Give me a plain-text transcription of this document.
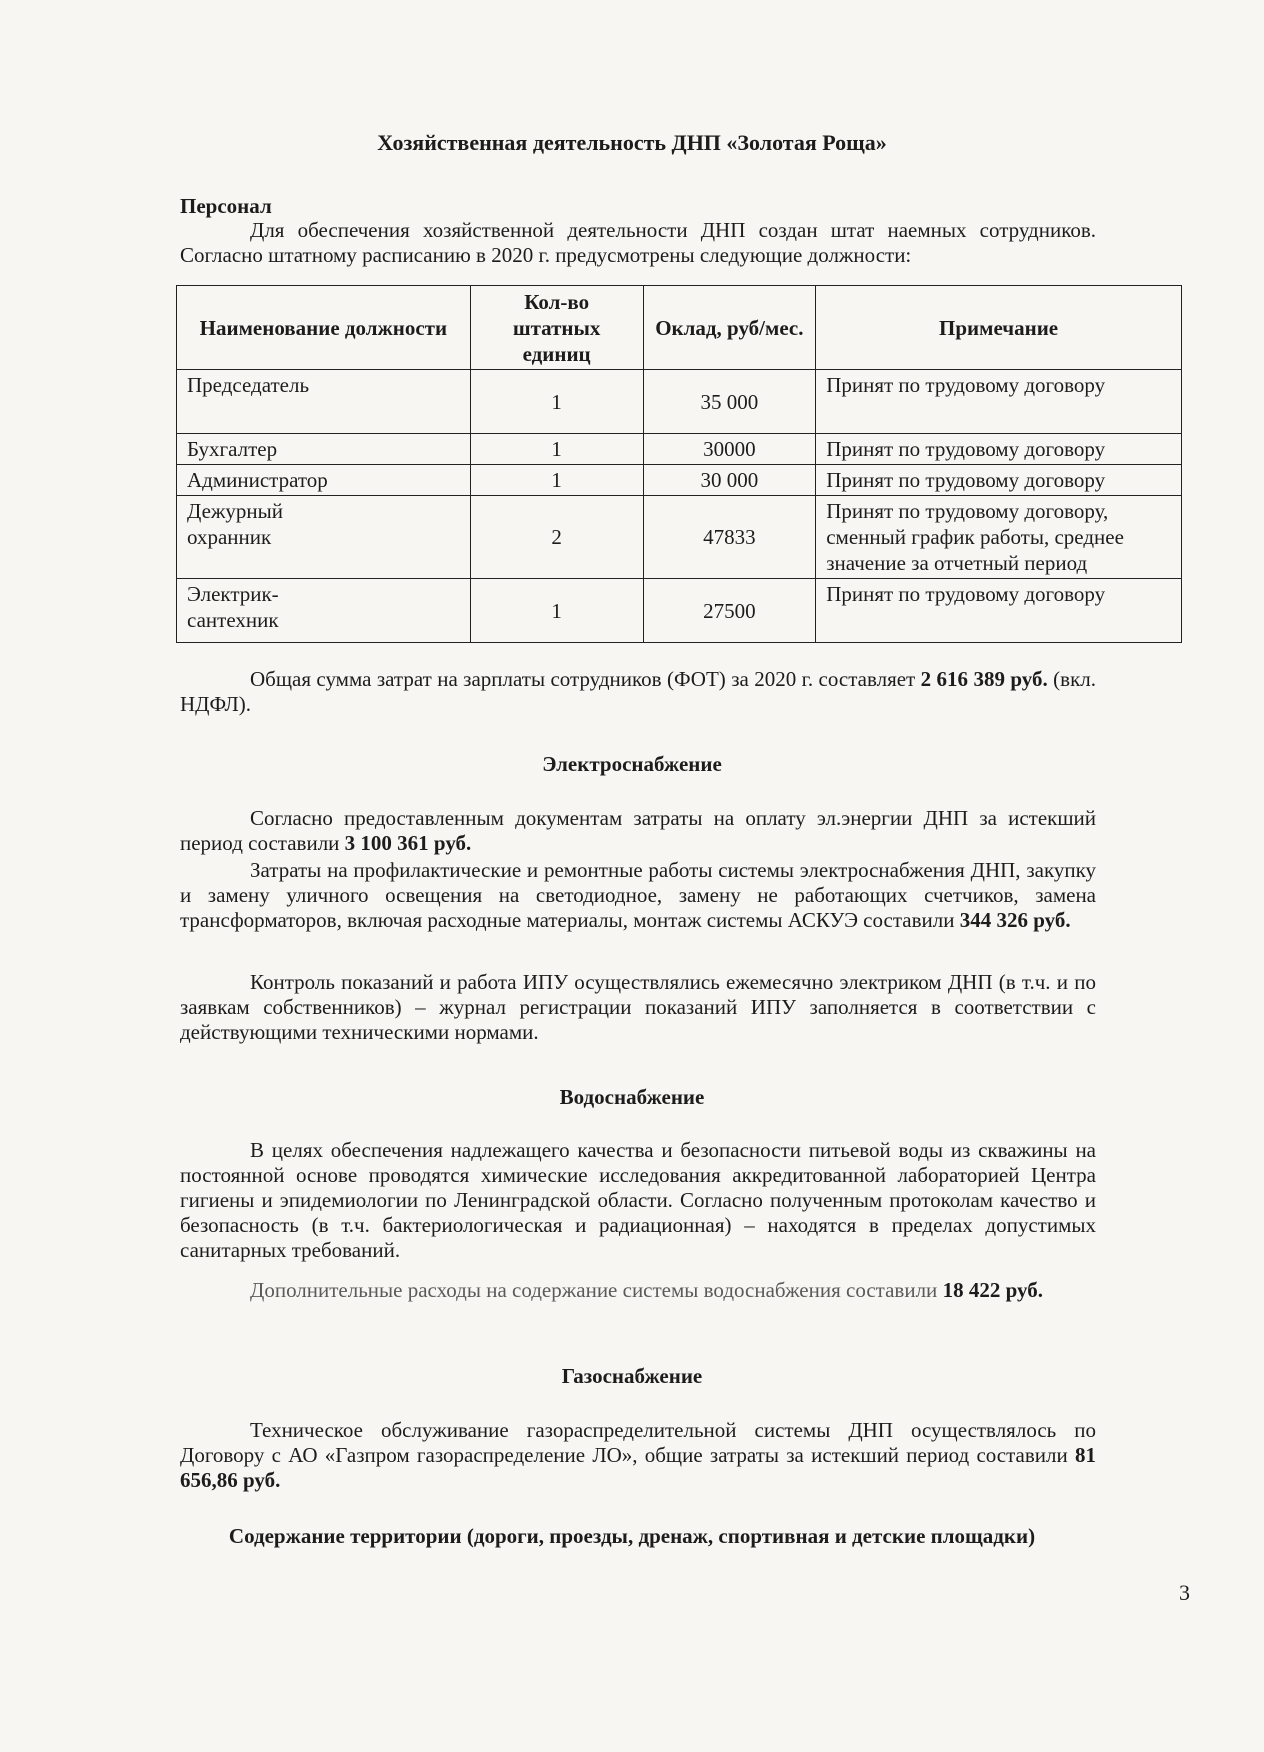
Хозяйственная деятельность ДНП «Золотая Роща»
Персонал
Для обеспечения хозяйственной деятельности ДНП создан штат наемных сотрудников. Согласно штатному расписанию в 2020 г. предусмотрены следующие должности:
Наименование должности	Кол-во штатных единиц	Оклад, руб/мес.	Примечание
Председатель	1	35 000	Принят по трудовому договору
Бухгалтер	1	30000	Принят по трудовому договору
Администратор	1	30 000	Принят по трудовому договору
Дежурный охранник	2	47833	Принят по трудовому договору, сменный график работы, среднее значение за отчетный период
Электрик-сантехник	1	27500	Принят по трудовому договору
Общая сумма затрат на зарплаты сотрудников (ФОТ) за 2020 г. составляет 2 616 389 руб. (вкл. НДФЛ).
Электроснабжение
Согласно предоставленным документам затраты на оплату эл.энергии ДНП за истекший период составили 3 100 361 руб.
Затраты на профилактические и ремонтные работы системы электроснабжения ДНП, закупку и замену уличного освещения на светодиодное, замену не работающих счетчиков, замена трансформаторов, включая расходные материалы, монтаж системы АСКУЭ составили 344 326 руб.
Контроль показаний и работа ИПУ осуществлялись ежемесячно электриком ДНП (в т.ч. и по заявкам собственников) – журнал регистрации показаний ИПУ заполняется в соответствии с действующими техническими нормами.
Водоснабжение
В целях обеспечения надлежащего качества и безопасности питьевой воды из скважины на постоянной основе проводятся химические исследования аккредитованной лабораторией Центра гигиены и эпидемиологии по Ленинградской области. Согласно полученным протоколам качество и безопасность (в т.ч. бактериологическая и радиационная) – находятся в пределах допустимых санитарных требований.
Дополнительные расходы на содержание системы водоснабжения составили 18 422 руб.
Газоснабжение
Техническое обслуживание газораспределительной системы ДНП осуществлялось по Договору с АО «Газпром газораспределение ЛО», общие затраты за истекший период составили 81 656,86 руб.
Содержание территории (дороги, проезды, дренаж, спортивная и детские площадки)
3
